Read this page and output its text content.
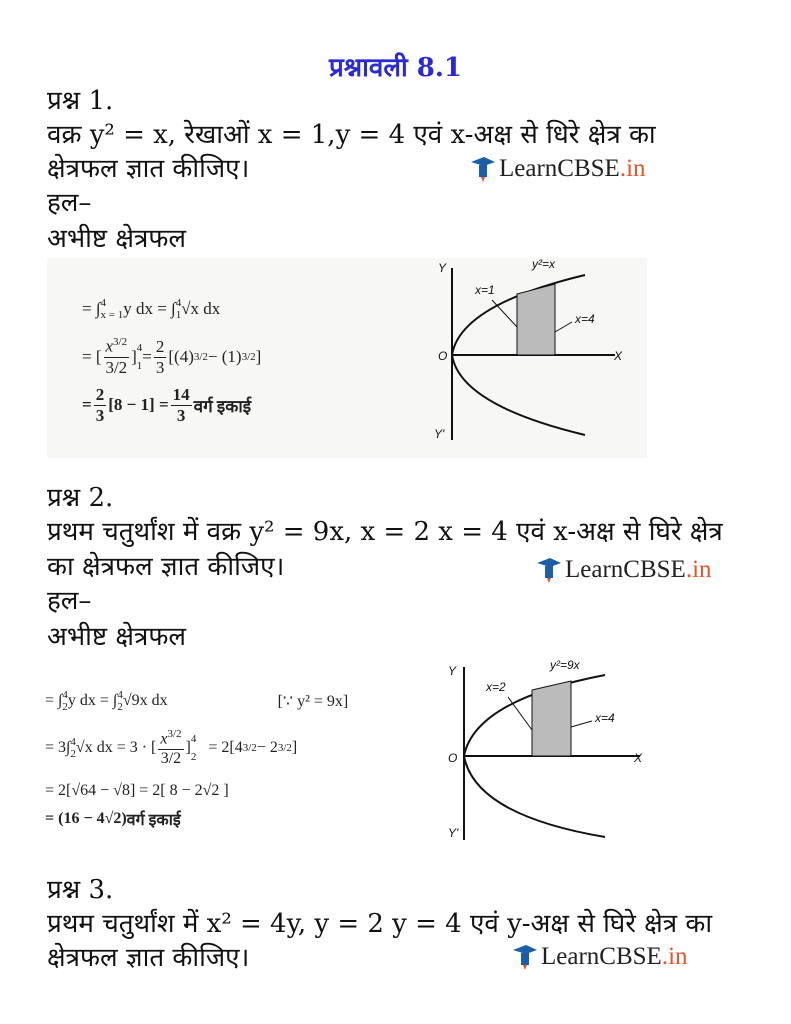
प्रश्नावली 8.1
प्रश्न 1.
वक्र y² = x, रेखाओं x = 1,y = 4 एवं x-अक्ष से धिरे क्षेत्र का
क्षेत्रफल ज्ञात कीजिए।	LearnCBSE .in
हल–
अभीष्ट क्षेत्रफल
= ∫ 4
x = 1 y dx = ∫ 4
1 √x dx
= [ $\frac{x^{3/2}}{3/2}$ ] 4
$1 = \frac{2}{3} [(4) 3/2 - (1)$ 3/2 ]
= $\frac{2}{3} [8 - 1] = \frac{14}{3}$ वर्ग इकाई
Y
Y'
O	X
y²=x
x=1
x=4
प्रश्न 2.
प्रथम चतुर्थांश में वक्र y² = 9x, x = 2 x = 4 एवं x-अक्ष से घिरे क्षेत्र
का क्षेत्रफल ज्ञात कीजिए।	LearnCBSE .in
हल–
अभीष्ट क्षेत्रफल
= ∫ 4
2 y dx = ∫ 4
2 √9x dx	[∵ y² = 9x]
= 3∫ 4
2 √x dx = 3 · [ $\frac{x^{3/2}}{3/2}$ ] 4
2
= 2[4 3/2 − 2 3/2 ]
= 2[√64 − √8] = 2[ 8 − 2√2 ]
= (16 − 4√2) वर्ग इकाई
Y
Y'
O	X
y²=9x
x=2
x=4
प्रश्न 3.
प्रथम चतुर्थांश में x² = 4y, y = 2 y = 4 एवं y-अक्ष से घिरे क्षेत्र का
क्षेत्रफल ज्ञात कीजिए।	LearnCBSE .in
